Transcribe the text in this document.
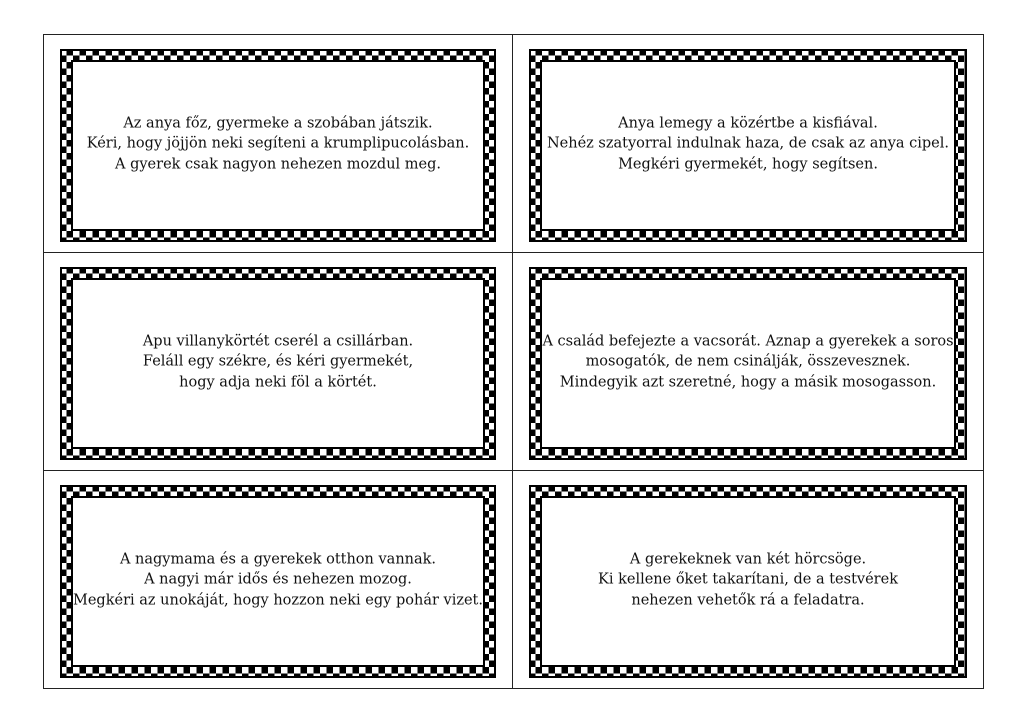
Az anya főz, gyermeke a szobában játszik.
Kéri, hogy jöjjön neki segíteni a krumplipucolásban.
A gyerek csak nagyon nehezen mozdul meg.
Anya lemegy a közértbe a kisfiával.
Nehéz szatyorral indulnak haza, de csak az anya cipel.
Megkéri gyermekét, hogy segítsen.
Apu villanykörtét cserél a csillárban.
Feláll egy székre, és kéri gyermekét,
hogy adja neki föl a körtét.
A család befejezte a vacsorát. Aznap a gyerekek a soros
mosogatók, de nem csinálják, összevesznek.
Mindegyik azt szeretné, hogy a másik mosogasson.
A nagymama és a gyerekek otthon vannak.
A nagyi már idős és nehezen mozog.
Megkéri az unokáját, hogy hozzon neki egy pohár vizet.
A gerekeknek van két hörcsöge.
Ki kellene őket takarítani, de a testvérek
nehezen vehetők rá a feladatra.
